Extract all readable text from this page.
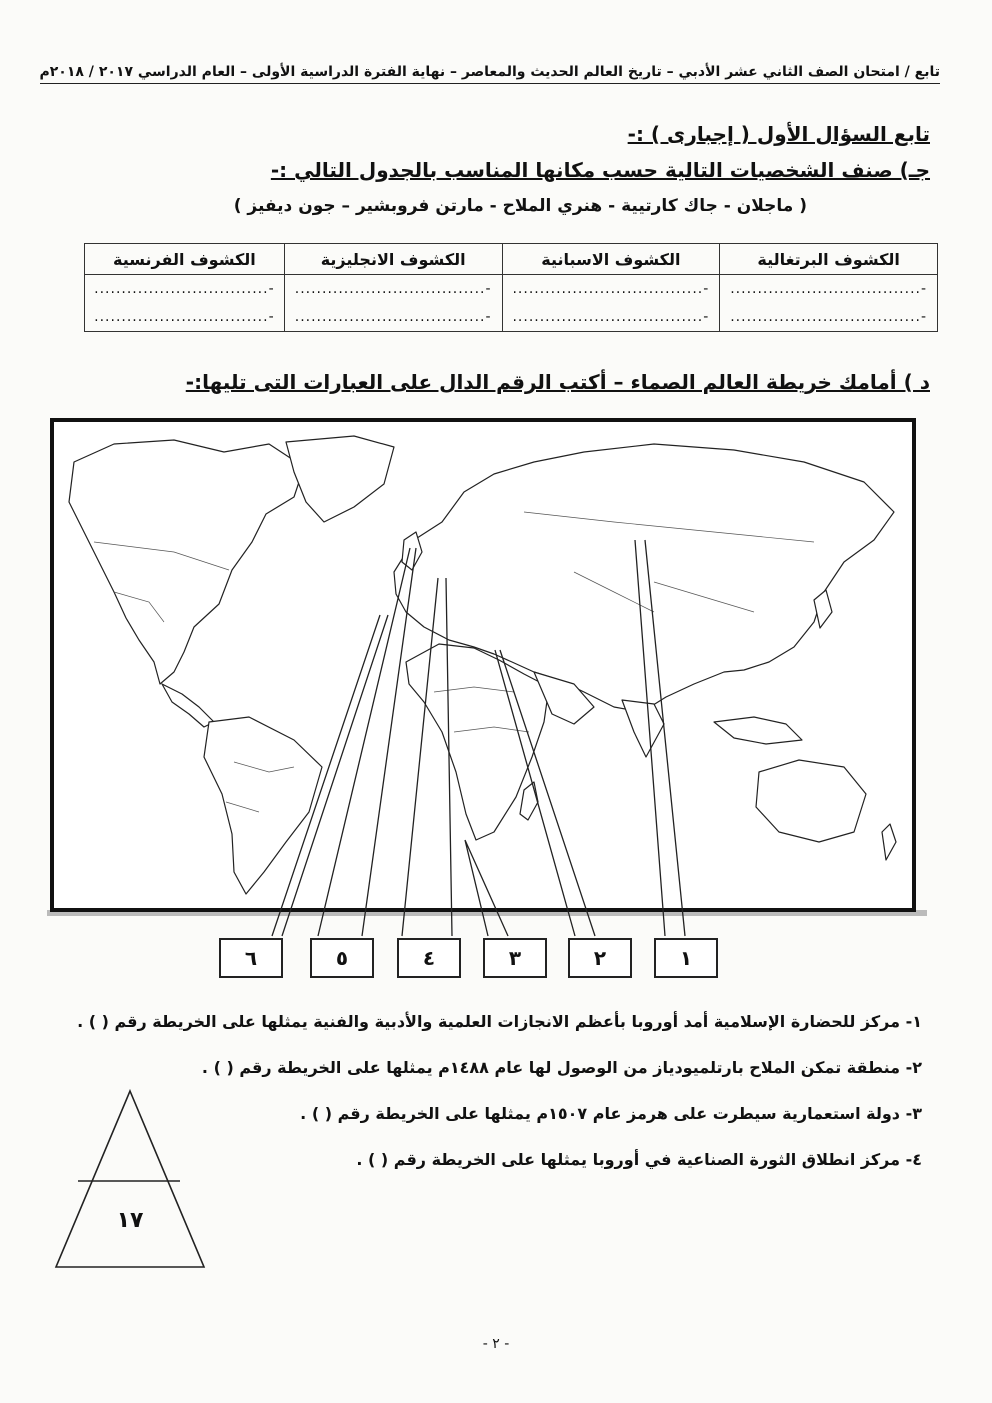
تابع / امتحان الصف الثاني عشر الأدبي – تاريخ العالم الحديث والمعاصر – نهاية الفترة الدراسية الأولى – العام الدراسي ٢٠١٧ / ٢٠١٨م
تابع السؤال الأول ( إجبارى ) :-
جـ) صنف الشخصيات التالية حسب مكانها المناسب بالجدول التالي :-
( ماجلان - جاك كارتيية - هنري الملاح - مارتن فروبشير – جون ديفيز )
الكشوف البرتغالية	الكشوف الاسبانية	الكشوف الانجليزية	الكشوف الفرنسية
-...................................	-...................................	-...................................	-................................
-...................................	-...................................	-...................................	-................................
د ) أمامك خريطة العالم الصماء – أكتب الرقم الدال على العبارات التى تليها:-
١
٢
٣
٤
٥
٦
١- مركز للحضارة الإسلامية أمد أوروبا بأعظم الانجازات العلمية والأدبية والفنية يمثلها على الخريطة رقم ( ) .
٢- منطقة تمكن الملاح بارتلميودياز من الوصول لها عام ١٤٨٨م يمثلها على الخريطة رقم ( ) .
٣- دولة استعمارية سيطرت على هرمز عام ١٥٠٧م يمثلها على الخريطة رقم ( ) .
٤- مركز انطلاق الثورة الصناعية في أوروبا يمثلها على الخريطة رقم ( ) .
١٧
- ٢ -
